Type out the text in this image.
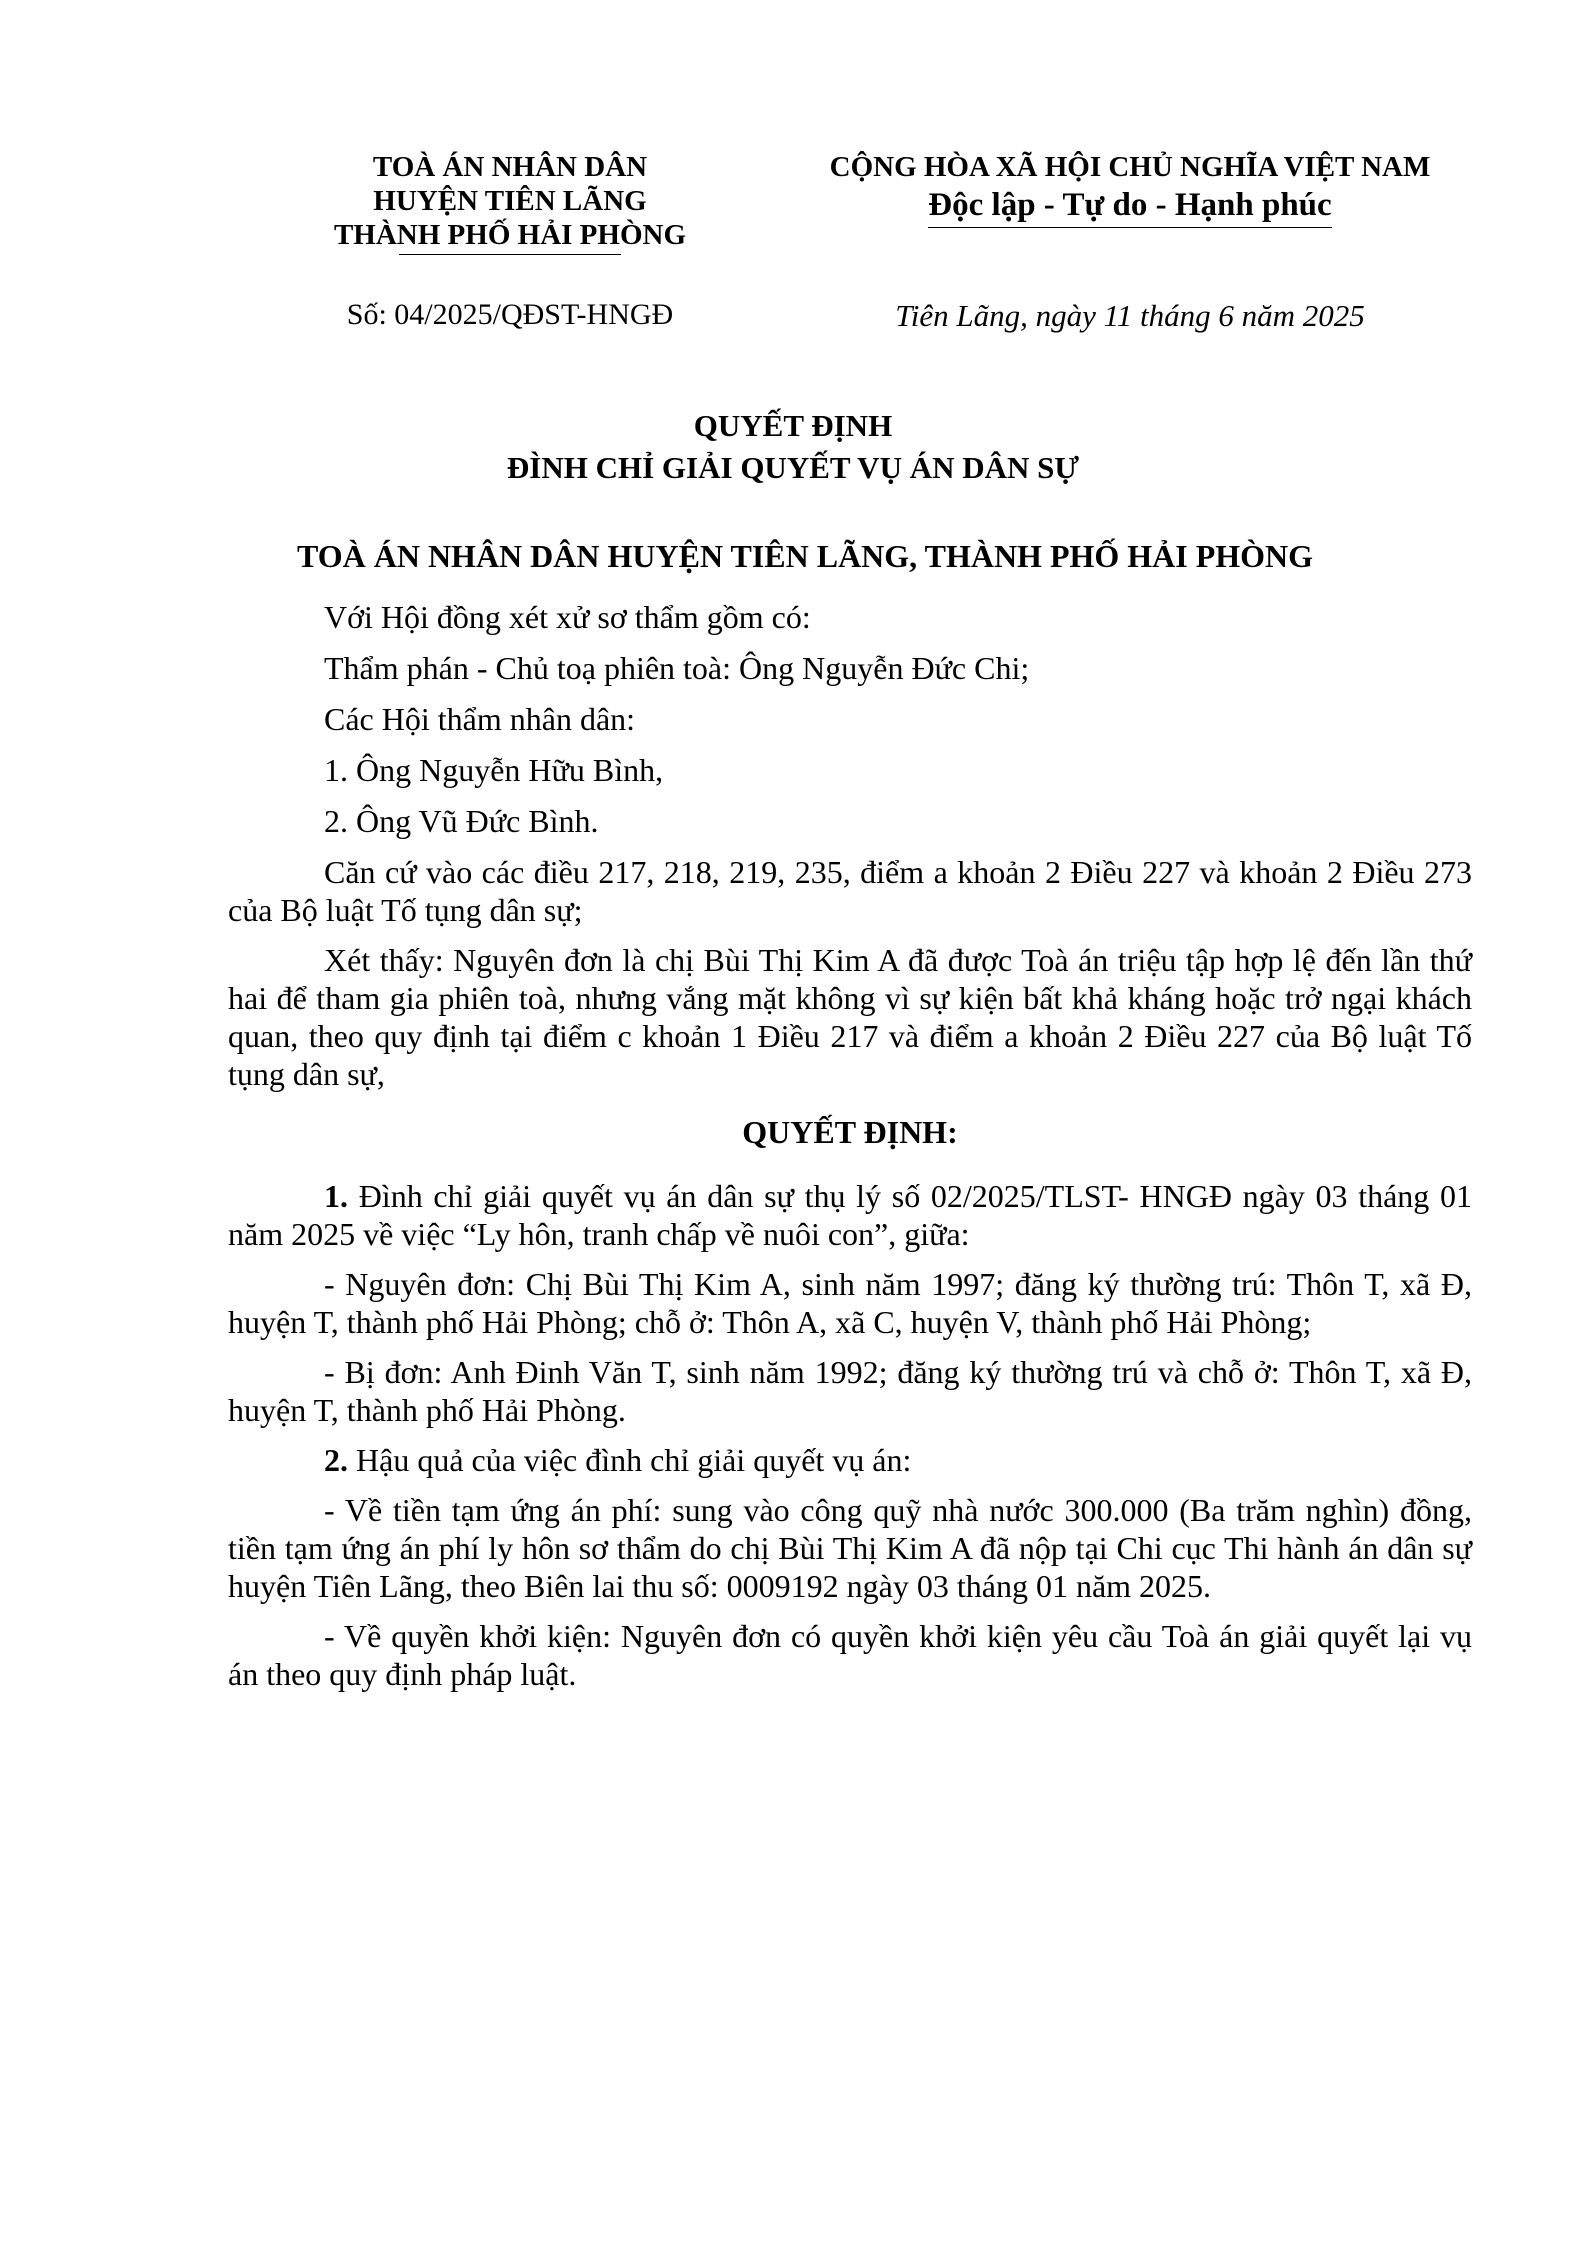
TOÀ ÁN NHÂN DÂN
HUYỆN TIÊN LÃNG
THÀNH PHỐ HẢI PHÒNG
CỘNG HÒA XÃ HỘI CHỦ NGHĨA VIỆT NAM
Độc lập - Tự do - Hạnh phúc
Số: 04/2025/QĐST-HNGĐ	Tiên Lãng, ngày 11 tháng 6 năm 2025
QUYẾT ĐỊNH
ĐÌNH CHỈ GIẢI QUYẾT VỤ ÁN DÂN SỰ
TOÀ ÁN NHÂN DÂN HUYỆN TIÊN LÃNG, THÀNH PHỐ HẢI PHÒNG

Với Hội đồng xét xử sơ thẩm gồm có:

Thẩm phán - Chủ toạ phiên toà: Ông Nguyễn Đức Chi;

Các Hội thẩm nhân dân:

1. Ông Nguyễn Hữu Bình,

2. Ông Vũ Đức Bình.

Căn cứ vào các điều 217, 218, 219, 235, điểm a khoản 2 Điều 227 và khoản 2 Điều 273 của Bộ luật Tố tụng dân sự;

Xét thấy: Nguyên đơn là chị Bùi Thị Kim A đã được Toà án triệu tập hợp lệ đến lần thứ hai để tham gia phiên toà, nhưng vắng mặt không vì sự kiện bất khả kháng hoặc trở ngại khách quan, theo quy định tại điểm c khoản 1 Điều 217 và điểm a khoản 2 Điều 227 của Bộ luật Tố tụng dân sự,

QUYẾT ĐỊNH:

1. Đình chỉ giải quyết vụ án dân sự thụ lý số 02/2025/TLST- HNGĐ ngày 03 tháng 01 năm 2025 về việc “Ly hôn, tranh chấp về nuôi con”, giữa:

- Nguyên đơn: Chị Bùi Thị Kim A, sinh năm 1997; đăng ký thường trú: Thôn T, xã Đ, huyện T, thành phố Hải Phòng; chỗ ở: Thôn A, xã C, huyện V, thành phố Hải Phòng;

- Bị đơn: Anh Đinh Văn T, sinh năm 1992; đăng ký thường trú và chỗ ở: Thôn T, xã Đ, huyện T, thành phố Hải Phòng.

2. Hậu quả của việc đình chỉ giải quyết vụ án:

- Về tiền tạm ứng án phí: sung vào công quỹ nhà nước 300.000 (Ba trăm nghìn) đồng, tiền tạm ứng án phí ly hôn sơ thẩm do chị Bùi Thị Kim A đã nộp tại Chi cục Thi hành án dân sự huyện Tiên Lãng, theo Biên lai thu số: 0009192 ngày 03 tháng 01 năm 2025.

- Về quyền khởi kiện: Nguyên đơn có quyền khởi kiện yêu cầu Toà án giải quyết lại vụ án theo quy định pháp luật.
